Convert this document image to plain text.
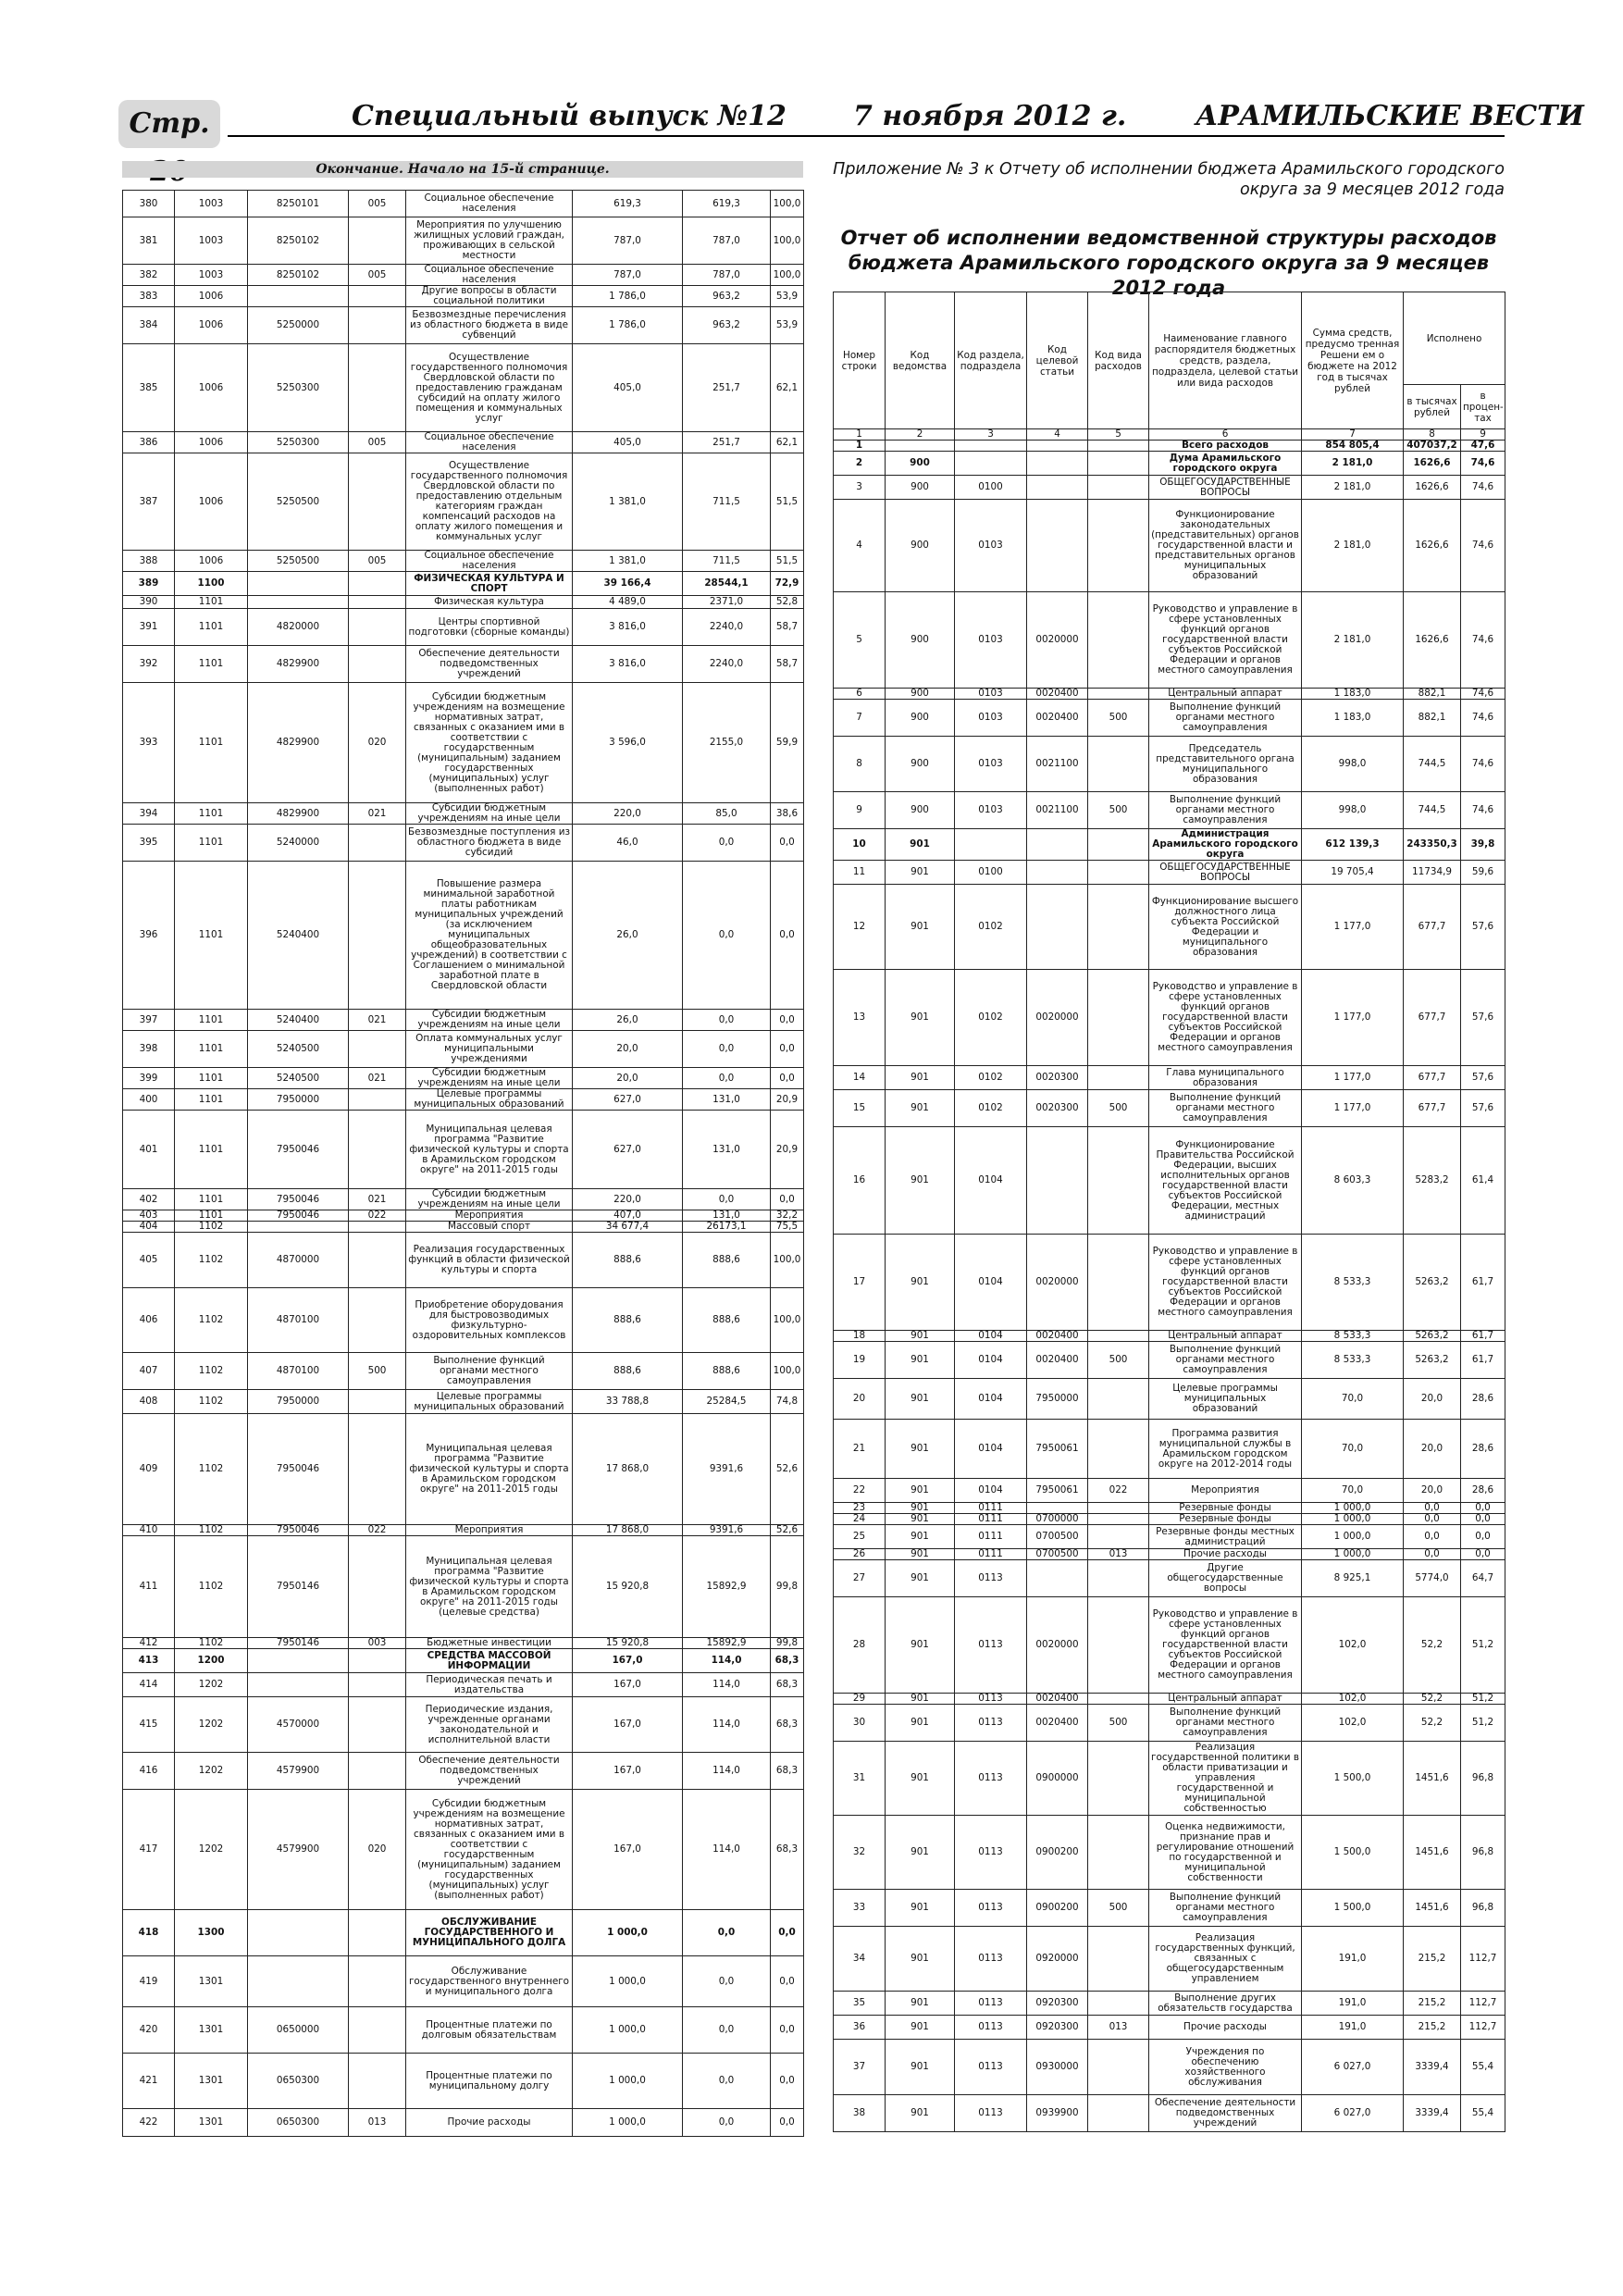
Стр.	Специальный выпуск №12 7 ноября 2012 г. АРАМИЛЬСКИЕ ВЕСТИ
Окончание. Начало на 15-й странице.
380	1003	8250101	005	Социальное обеспечение населения	619,3	619,3	100,0
381	1003	8250102		Мероприятия по улучшению жилищных условий граждан, проживающих в сельской местности	787,0	787,0	100,0
382	1003	8250102	005	Социальное обеспечение населения	787,0	787,0	100,0
383	1006			Другие вопросы в области социальной политики	1 786,0	963,2	53,9
384	1006	5250000		Безвозмездные перечисления из областного бюджета в виде субвенций	1 786,0	963,2	53,9
385	1006	5250300		Осуществление государственного полномочия Свердловской области по предоставлению гражданам субсидий на оплату жилого помещения и коммунальных услуг	405,0	251,7	62,1
386	1006	5250300	005	Социальное обеспечение населения	405,0	251,7	62,1
387	1006	5250500		Осуществление государственного полномочия Свердловской области по предоставлению отдельным категориям граждан компенсаций расходов на оплату жилого помещения и коммунальных услуг	1 381,0	711,5	51,5
388	1006	5250500	005	Социальное обеспечение населения	1 381,0	711,5	51,5
389	1100			ФИЗИЧЕСКАЯ КУЛЬТУРА И СПОРТ	39 166,4	28544,1	72,9
390	1101			Физическая культура	4 489,0	2371,0	52,8
391	1101	4820000		Центры спортивной подготовки (сборные команды)	3 816,0	2240,0	58,7
392	1101	4829900		Обеспечение деятельности подведомственных учреждений	3 816,0	2240,0	58,7
393	1101	4829900	020	Субсидии бюджетным учреждениям на возмещение нормативных затрат, связанных с оказанием ими в соответствии с государственным (муниципальным) заданием государственных (муниципальных) услуг (выполненных работ)	3 596,0	2155,0	59,9
394	1101	4829900	021	Субсидии бюджетным учреждениям на иные цели	220,0	85,0	38,6
395	1101	5240000		Безвозмездные поступления из областного бюджета в виде субсидий	46,0	0,0	0,0
396	1101	5240400		Повышение размера минимальной заработной платы работникам муниципальных учреждений (за исключением муниципальных общеобразовательных учреждений) в соответствии с Соглашением о минимальной заработной плате в Свердловской области	26,0	0,0	0,0
397	1101	5240400	021	Субсидии бюджетным учреждениям на иные цели	26,0	0,0	0,0
398	1101	5240500		Оплата коммунальных услуг муниципальными учреждениями	20,0	0,0	0,0
399	1101	5240500	021	Субсидии бюджетным учреждениям на иные цели	20,0	0,0	0,0
400	1101	7950000		Целевые программы муниципальных образований	627,0	131,0	20,9
401	1101	7950046		Муниципальная целевая программа "Развитие физической культуры и спорта в Арамильском городском округе" на 2011-2015 годы	627,0	131,0	20,9
402	1101	7950046	021	Субсидии бюджетным учреждениям на иные цели	220,0	0,0	0,0
403	1101	7950046	022	Мероприятия	407,0	131,0	32,2
404	1102			Массовый спорт	34 677,4	26173,1	75,5
405	1102	4870000		Реализация государственных функций в области физической культуры и спорта	888,6	888,6	100,0
406	1102	4870100		Приобретение оборудования для быстровозводимых физкультурно-оздоровительных комплексов	888,6	888,6	100,0
407	1102	4870100	500	Выполнение функций органами местного самоуправления	888,6	888,6	100,0
408	1102	7950000		Целевые программы муниципальных образований	33 788,8	25284,5	74,8
409	1102	7950046		Муниципальная целевая программа "Развитие физической культуры и спорта в Арамильском городском округе" на 2011-2015 годы	17 868,0	9391,6	52,6
410	1102	7950046	022	Мероприятия	17 868,0	9391,6	52,6
411	1102	7950146		Муниципальная целевая программа "Развитие физической культуры и спорта в Арамильском городском округе" на 2011-2015 годы (целевые средства)	15 920,8	15892,9	99,8
412	1102	7950146	003	Бюджетные инвестиции	15 920,8	15892,9	99,8
413	1200			СРЕДСТВА МАССОВОЙ ИНФОРМАЦИИ	167,0	114,0	68,3
414	1202			Периодическая печать и издательства	167,0	114,0	68,3
415	1202	4570000		Периодические издания, учрежденные органами законодательной и исполнительной власти	167,0	114,0	68,3
416	1202	4579900		Обеспечение деятельности подведомственных учреждений	167,0	114,0	68,3
417	1202	4579900	020	Субсидии бюджетным учреждениям на возмещение нормативных затрат, связанных с оказанием ими в соответствии с государственным (муниципальным) заданием государственных (муниципальных) услуг (выполненных работ)	167,0	114,0	68,3
418	1300			ОБСЛУЖИВАНИЕ ГОСУДАРСТВЕННОГО И МУНИЦИПАЛЬНОГО ДОЛГА	1 000,0	0,0	0,0
419	1301			Обслуживание государственного внутреннего и муниципального долга	1 000,0	0,0	0,0
420	1301	0650000		Процентные платежи по долговым обязательствам	1 000,0	0,0	0,0
421	1301	0650300		Процентные платежи по муниципальному долгу	1 000,0	0,0	0,0
422	1301	0650300	013	Прочие расходы	1 000,0	0,0	0,0
Приложение № 3 к Отчету об исполнении бюджета Арамильского городского округа за 9 месяцев 2012 года
Отчет об исполнении ведомственной структуры расходов бюджета Арамильского городского округа за 9 месяцев 2012 года
Номер строки	Код ведомства	Код раздела, подраздела	Код целевой статьи	Код вида расходов	Наименование главного распорядителя бюджетных средств, раздела, подраздела, целевой статьи или вида расходов	Сумма средств, предусмо тренная Решени ем о бюджете на 2012 год в тысячах рублей	Исполнено	
							в тысячах рублей	в процен-тах
1	2	3	4	5	6	7	8	9
1					Всего расходов	854 805,4	407037,2	47,6
2	900				Дума Арамильского городского округа	2 181,0	1626,6	74,6
3	900	0100			ОБЩЕГОСУДАРСТВЕННЫЕ ВОПРОСЫ	2 181,0	1626,6	74,6
4	900	0103			Функционирование законодательных (представительных) органов государственной власти и представительных органов муниципальных образований	2 181,0	1626,6	74,6
5	900	0103	0020000		Руководство и управление в сфере установленных функций органов государственной власти субъектов Российской Федерации и органов местного самоуправления	2 181,0	1626,6	74,6
6	900	0103	0020400		Центральный аппарат	1 183,0	882,1	74,6
7	900	0103	0020400	500	Выполнение функций органами местного самоуправления	1 183,0	882,1	74,6
8	900	0103	0021100		Председатель представительного органа муниципального образования	998,0	744,5	74,6
9	900	0103	0021100	500	Выполнение функций органами местного самоуправления	998,0	744,5	74,6
10	901				Администрация Арамильского городского округа	612 139,3	243350,3	39,8
11	901	0100			ОБЩЕГОСУДАРСТВЕННЫЕ ВОПРОСЫ	19 705,4	11734,9	59,6
12	901	0102			Функционирование высшего должностного лица субъекта Российской Федерации и муниципального образования	1 177,0	677,7	57,6
13	901	0102	0020000		Руководство и управление в сфере установленных функций органов государственной власти субъектов Российской Федерации и органов местного самоуправления	1 177,0	677,7	57,6
14	901	0102	0020300		Глава муниципального образования	1 177,0	677,7	57,6
15	901	0102	0020300	500	Выполнение функций органами местного самоуправления	1 177,0	677,7	57,6
16	901	0104			Функционирование Правительства Российской Федерации, высших исполнительных органов государственной власти субъектов Российской Федерации, местных администраций	8 603,3	5283,2	61,4
17	901	0104	0020000		Руководство и управление в сфере установленных функций органов государственной власти субъектов Российской Федерации и органов местного самоуправления	8 533,3	5263,2	61,7
18	901	0104	0020400		Центральный аппарат	8 533,3	5263,2	61,7
19	901	0104	0020400	500	Выполнение функций органами местного самоуправления	8 533,3	5263,2	61,7
20	901	0104	7950000		Целевые программы муниципальных образований	70,0	20,0	28,6
21	901	0104	7950061		Программа развития муниципальной службы в Арамильском городском округе на 2012-2014 годы	70,0	20,0	28,6
22	901	0104	7950061	022	Мероприятия	70,0	20,0	28,6
23	901	0111			Резервные фонды	1 000,0	0,0	0,0
24	901	0111	0700000		Резервные фонды	1 000,0	0,0	0,0
25	901	0111	0700500		Резервные фонды местных администраций	1 000,0	0,0	0,0
26	901	0111	0700500	013	Прочие расходы	1 000,0	0,0	0,0
27	901	0113			Другие общегосударственные вопросы	8 925,1	5774,0	64,7
28	901	0113	0020000		Руководство и управление в сфере установленных функций органов государственной власти субъектов Российской Федерации и органов местного самоуправления	102,0	52,2	51,2
29	901	0113	0020400		Центральный аппарат	102,0	52,2	51,2
30	901	0113	0020400	500	Выполнение функций органами местного самоуправления	102,0	52,2	51,2
31	901	0113	0900000		Реализация государственной политики в области приватизации и управления государственной и муниципальной собственностью	1 500,0	1451,6	96,8
32	901	0113	0900200		Оценка недвижимости, признание прав и регулирование отношений по государственной и муниципальной собственности	1 500,0	1451,6	96,8
33	901	0113	0900200	500	Выполнение функций органами местного самоуправления	1 500,0	1451,6	96,8
34	901	0113	0920000		Реализация государственных функций, связанных с общегосударственным управлением	191,0	215,2	112,7
35	901	0113	0920300		Выполнение других обязательств государства	191,0	215,2	112,7
36	901	0113	0920300	013	Прочие расходы	191,0	215,2	112,7
37	901	0113	0930000		Учреждения по обеспечению хозяйственного обслуживания	6 027,0	3339,4	55,4
38	901	0113	0939900		Обеспечение деятельности подведомственных учреждений	6 027,0	3339,4	55,4
